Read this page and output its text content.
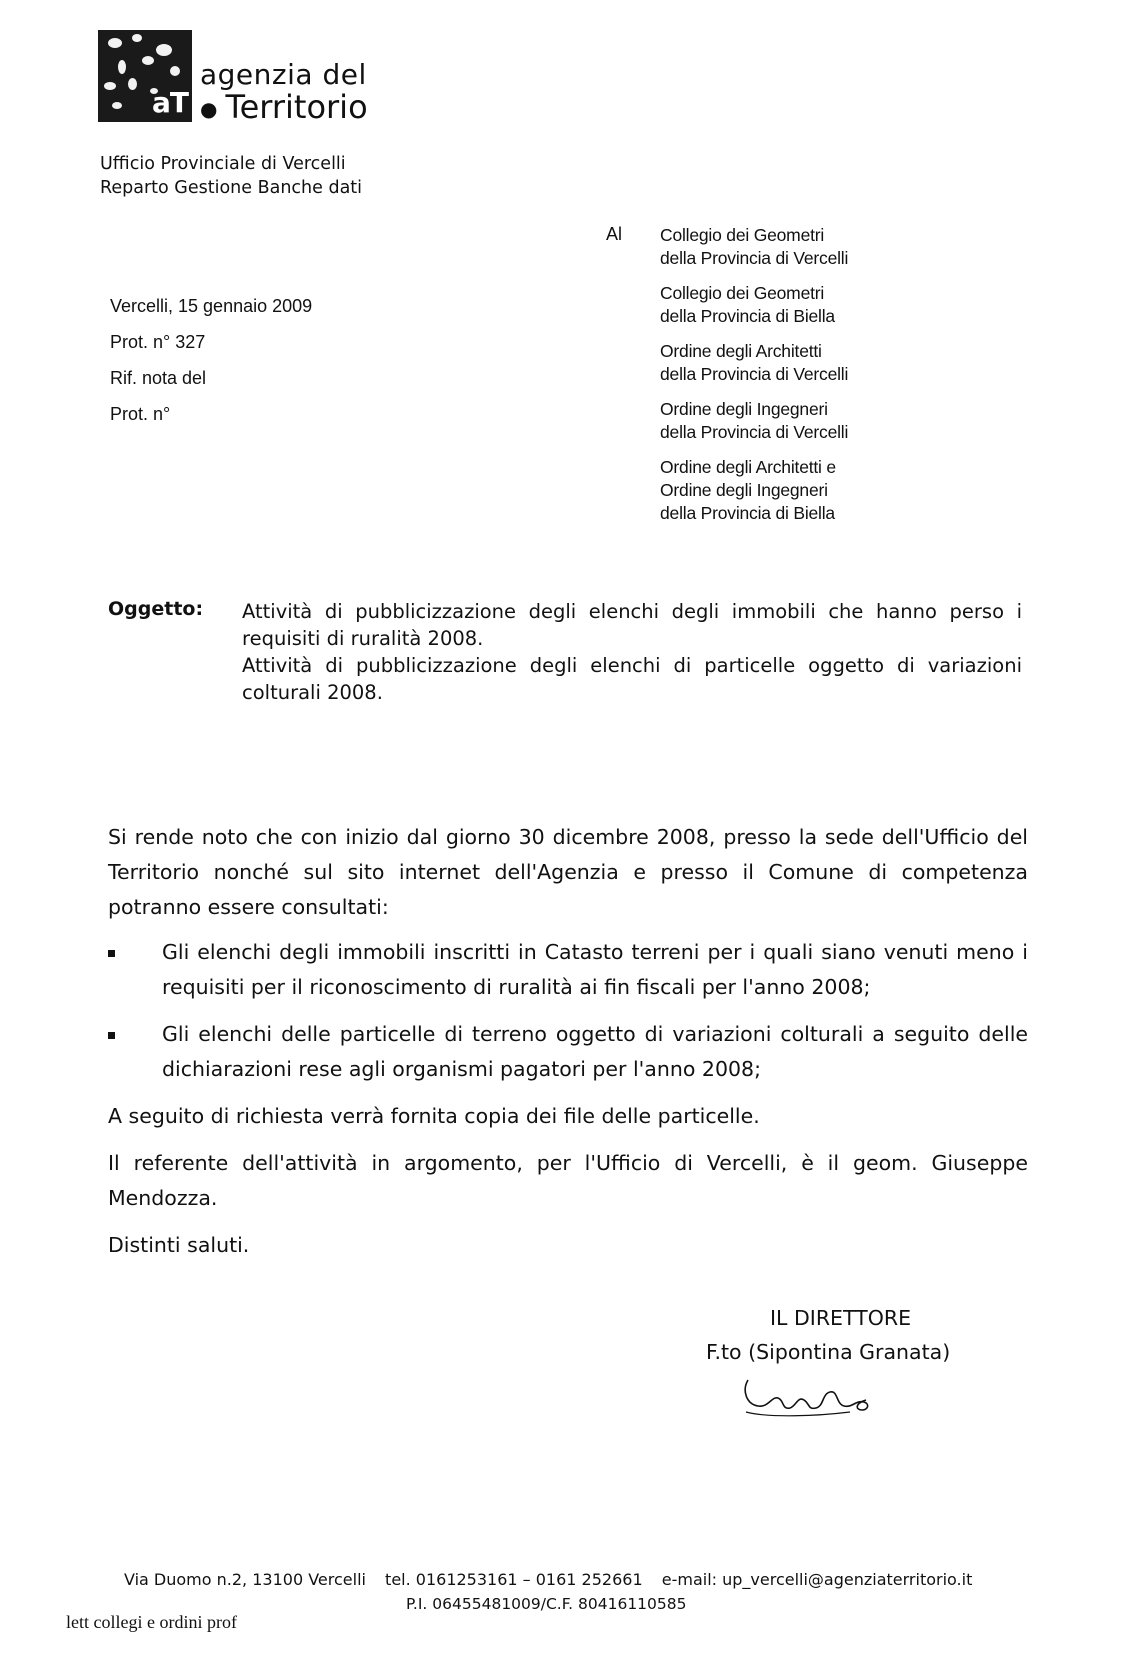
aT
agenzia del
● Territorio
Ufficio Provinciale di Vercelli
Reparto Gestione Banche dati
Al Collegio dei Geometri
della Provincia di Vercelli
Collegio dei Geometri
della Provincia di Biella
Ordine degli Architetti
della Provincia di Vercelli
Ordine degli Ingegneri
della Provincia di Vercelli
Ordine degli Architetti e
Ordine degli Ingegneri
della Provincia di Biella
Vercelli, 15 gennaio 2009
Prot. n° 327
Rif. nota del
Prot. n°
Oggetto: Attività di pubblicizzazione degli elenchi degli immobili che hanno perso i requisiti di ruralità 2008.
Attività di pubblicizzazione degli elenchi di particelle oggetto di variazioni colturali 2008.

Si rende noto che con inizio dal giorno 30 dicembre 2008, presso la sede dell'Ufficio del Territorio nonché sul sito internet dell'Agenzia e presso il Comune di competenza potranno essere consultati:

Gli elenchi degli immobili inscritti in Catasto terreni per i quali siano venuti meno i requisiti per il riconoscimento di ruralità ai fin fiscali per l'anno 2008;

Gli elenchi delle particelle di terreno oggetto di variazioni colturali a seguito delle dichiarazioni rese agli organismi pagatori per l'anno 2008;

A seguito di richiesta verrà fornita copia dei file delle particelle.

Il referente dell'attività in argomento, per l'Ufficio di Vercelli, è il geom. Giuseppe Mendozza.

Distinti saluti.

IL DIRETTORE
F.to (Sipontina Granata)
Via Duomo n.2, 13100 Vercelli tel. 0161253161 – 0161 252661 e-mail: up_vercelli@agenziaterritorio.it
P.I. 06455481009/C.F. 80416110585
lett collegi e ordini prof
